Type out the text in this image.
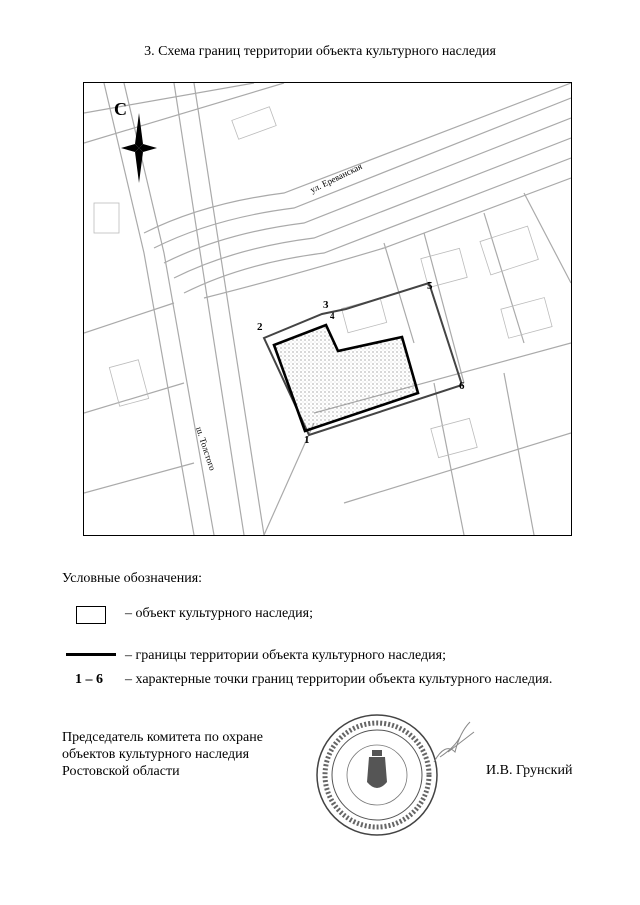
3. Схема границ территории объекта культурного наследия
1
2
3
4
5
6
ул. Ереванская
ш. Толстого
С
Условные обозначения:
– объект культурного наследия;
– границы территории объекта культурного наследия;
1 – 6 – характерные точки границ территории объекта культурного наследия.
Председатель комитета по охране
объектов культурного наследия
Ростовской области	И.В. Грунский
